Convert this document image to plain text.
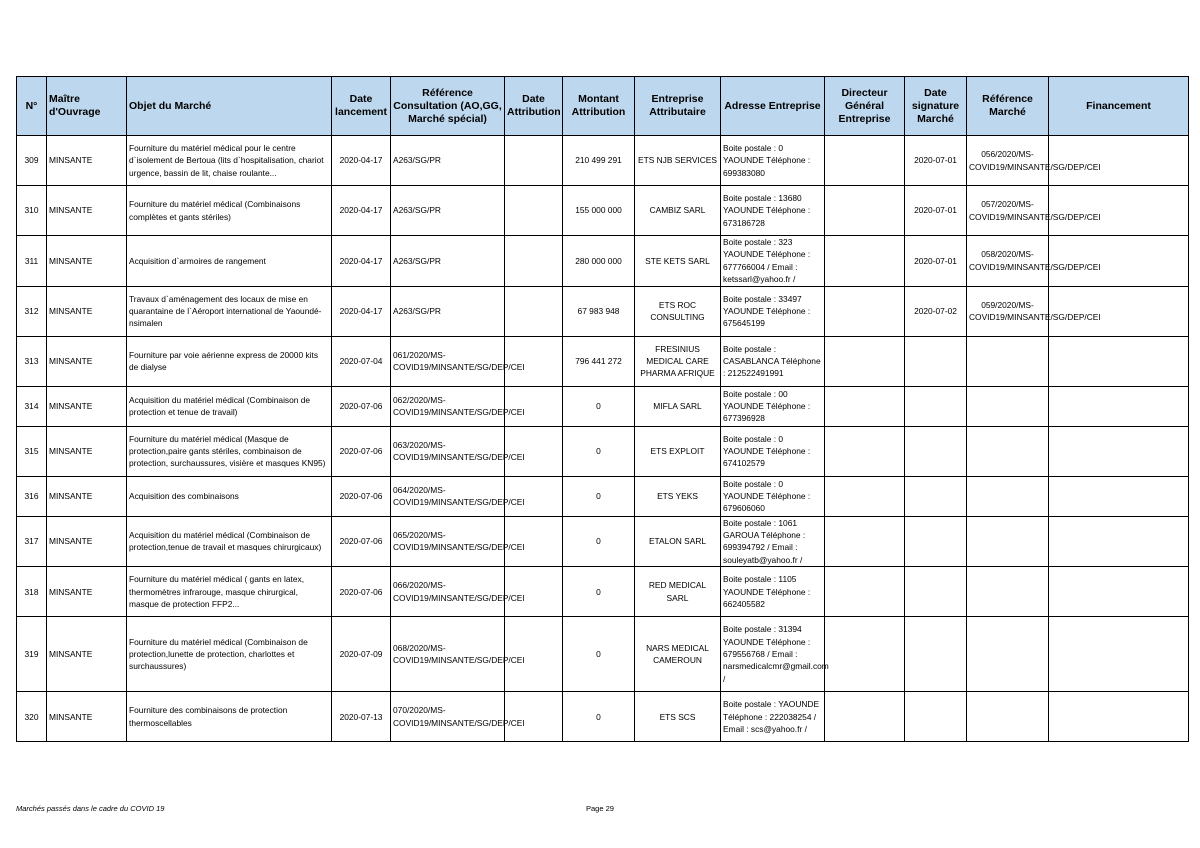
N°	Maître d'Ouvrage	Objet du Marché	Date lancement	Référence Consultation (AO,GG, Marché spécial)	Date Attribution	Montant Attribution	Entreprise Attributaire	Adresse Entreprise	Directeur Général Entreprise	Date signature Marché	Référence Marché	Financement
309	MINSANTE	Fourniture du matériel médical pour le centre d`isolement de Bertoua (lits d`hospitalisation, chariot urgence, bassin de lit, chaise roulante...	2020-04-17	A263/SG/PR		210 499 291	ETS NJB SERVICES	Boite postale : 0 YAOUNDE Téléphone : 699383080		2020-07-01	056/2020/MS-COVID19/MINSANTE/SG/DEP/CEI	
310	MINSANTE	Fourniture du matériel médical (Combinaisons complètes et gants stériles)	2020-04-17	A263/SG/PR		155 000 000	CAMBIZ SARL	Boite postale : 13680 YAOUNDE Téléphone : 673186728		2020-07-01	057/2020/MS-COVID19/MINSANTE/SG/DEP/CEI	
311	MINSANTE	Acquisition d`armoires de rangement	2020-04-17	A263/SG/PR		280 000 000	STE KETS SARL	Boite postale : 323 YAOUNDE Téléphone : 677766004 / Email : ketssarl@yahoo.fr /		2020-07-01	058/2020/MS-COVID19/MINSANTE/SG/DEP/CEI	
312	MINSANTE	Travaux d`aménagement des locaux de mise en quarantaine de l`Aéroport international de Yaoundé-nsimalen	2020-04-17	A263/SG/PR		67 983 948	ETS ROC CONSULTING	Boite postale : 33497 YAOUNDE Téléphone : 675645199		2020-07-02	059/2020/MS-COVID19/MINSANTE/SG/DEP/CEI	
313	MINSANTE	Fourniture par voie aérienne express de 20000 kits de dialyse	2020-07-04	061/2020/MS-COVID19/MINSANTE/SG/DEP/CEI		796 441 272	FRESINIUS MEDICAL CARE PHARMA AFRIQUE	Boite postale : CASABLANCA Téléphone : 212522491991				
314	MINSANTE	Acquisition du matériel médical (Combinaison de protection et tenue de travail)	2020-07-06	062/2020/MS-COVID19/MINSANTE/SG/DEP/CEI		0	MIFLA SARL	Boite postale : 00 YAOUNDE Téléphone : 677396928				
315	MINSANTE	Fourniture du matériel médical (Masque de protection,paire gants stériles, combinaison de protection, surchaussures, visière et masques KN95)	2020-07-06	063/2020/MS-COVID19/MINSANTE/SG/DEP/CEI		0	ETS EXPLOIT	Boite postale : 0 YAOUNDE Téléphone : 674102579				
316	MINSANTE	Acquisition des combinaisons	2020-07-06	064/2020/MS-COVID19/MINSANTE/SG/DEP/CEI		0	ETS YEKS	Boite postale : 0 YAOUNDE Téléphone : 679606060				
317	MINSANTE	Acquisition du matériel médical (Combinaison de protection,tenue de travail et masques chirurgicaux)	2020-07-06	065/2020/MS-COVID19/MINSANTE/SG/DEP/CEI		0	ETALON SARL	Boite postale : 1061 GAROUA Téléphone : 699394792 / Email : souleyatb@yahoo.fr /				
318	MINSANTE	Fourniture du matériel médical ( gants en latex, thermomètres infrarouge, masque chirurgical, masque de protection FFP2...	2020-07-06	066/2020/MS-COVID19/MINSANTE/SG/DEP/CEI		0	RED MEDICAL SARL	Boite postale : 1105 YAOUNDE Téléphone : 662405582				
319	MINSANTE	Fourniture du matériel médical (Combinaison de protection,lunette de protection, charlottes et surchaussures)	2020-07-09	068/2020/MS-COVID19/MINSANTE/SG/DEP/CEI		0	NARS MEDICAL CAMEROUN	Boite postale : 31394 YAOUNDE Téléphone : 679556768 / Email : narsmedicalcmr@gmail.com /				
320	MINSANTE	Fourniture des combinaisons de protection thermoscellables	2020-07-13	070/2020/MS-COVID19/MINSANTE/SG/DEP/CEI		0	ETS SCS	Boite postale : YAOUNDE Téléphone : 222038254 / Email : scs@yahoo.fr /				
Marchés passés dans le cadre du COVID 19	Page 29
